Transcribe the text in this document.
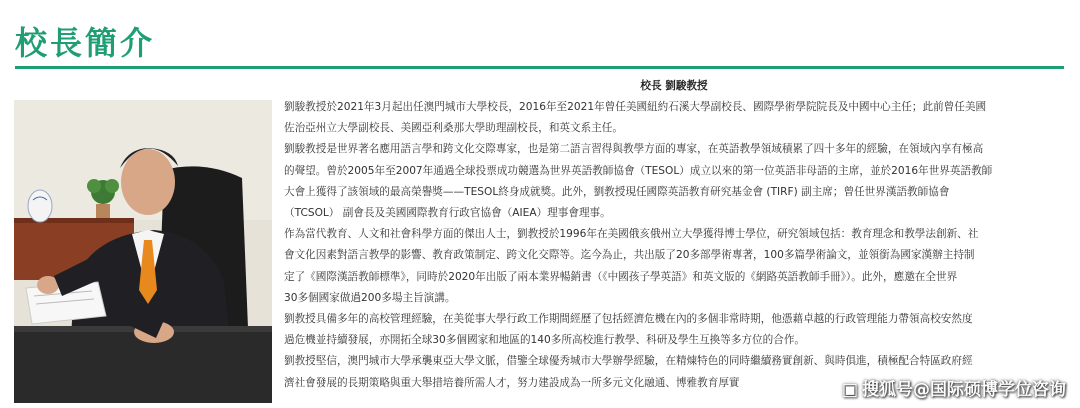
校長簡介
校長 劉駿教授
劉駿教授於2021年3月起出任澳門城市大學校長，2016年至2021年曾任美國紐約石溪大學副校長、國際學術學院院長及中國中心主任；此前曾任美國
佐治亞州立大學副校長、美國亞利桑那大學助理副校長，和英文系主任。
劉駿教授是世界著名應用語言學和跨文化交際專家，也是第二語言習得與教學方面的專家，在英語教學領域積累了四十多年的經驗，在領域內享有極高
的聲望。曾於2005年至2007年通過全球投票成功競選為世界英語教師協會（TESOL）成立以來的第一位英語非母語的主席，並於2016年世界英語教師
大會上獲得了該領域的最高榮譽獎——TESOL終身成就獎。此外，劉教授現任國際英語教育研究基金會 (TIRF) 副主席；曾任世界漢語教師協會
（TCSOL） 副會長及美國國際教育行政官協會（AIEA）理事會理事。
作為當代教育、人文和社會科學方面的傑出人士，劉教授於1996年在美國俄亥俄州立大學獲得博士學位，研究領域包括：教育理念和教學法創新、社
會文化因素對語言教學的影響、教育政策制定、跨文化交際等。迄今為止，共出版了20多部學術專著，100多篇學術論文，並領銜為國家漢辦主持制
定了《國際漢語教師標準》，同時於2020年出版了兩本業界暢銷書（《中國孩子學英語》和英文版的《網路英語教師手冊》）。此外，應邀在全世界
30多個國家做過200多場主旨演講。
劉教授具備多年的高校管理經驗，在美從事大學行政工作期間經歷了包括經濟危機在內的多個非常時期，他憑藉卓越的行政管理能力帶領高校安然度
過危機並持續發展，亦開拓全球30多個國家和地區的140多所高校進行教學、科研及學生互換等多方位的合作。
劉教授堅信，澳門城市大學承襲東亞大學文脈，借鑒全球優秀城市大學辦學經驗，在精煉特色的同時繼續務實創新、與時俱進，積極配合特區政府經
濟社會發展的長期策略與重大舉措培養所需人才，努力建設成為一所多元文化融通、博雅教育厚實	▣ 搜狐号@国际硕博学位咨询
